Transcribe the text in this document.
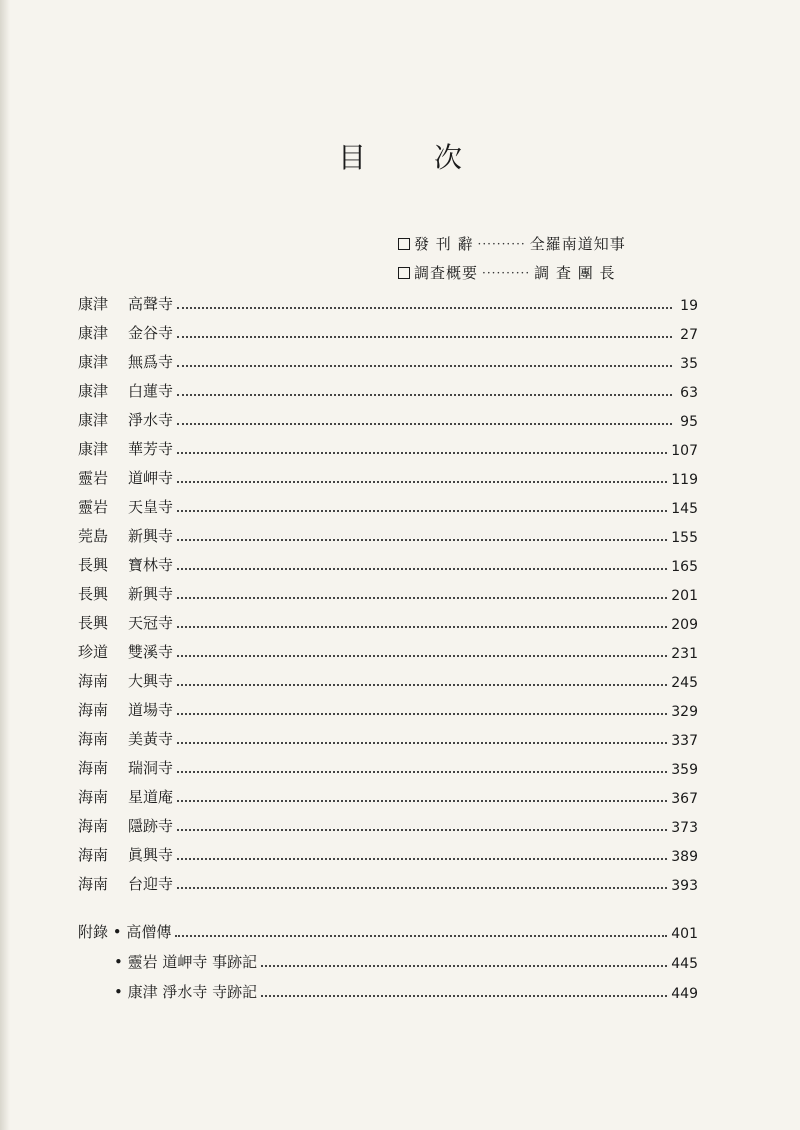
目 次
發 刊 辭 ·········· 全羅南道知事
調査概要 ·········· 調 査 團 長
康津	高聲寺	19
康津	金谷寺	27
康津	無爲寺	35
康津	白蓮寺	63
康津	淨水寺	95
康津	華芳寺	107
靈岩	道岬寺	119
靈岩	天皇寺	145
莞島	新興寺	155
長興	寶林寺	165
長興	新興寺	201
長興	天冠寺	209
珍道	雙溪寺	231
海南	大興寺	245
海南	道場寺	329
海南	美黃寺	337
海南	瑞洞寺	359
海南	星道庵	367
海南	隱跡寺	373
海南	眞興寺	389
海南	台迎寺	393
附錄 • 高僧傳	401
• 靈岩 道岬寺 事跡記	445
• 康津 淨水寺 寺跡記	449
